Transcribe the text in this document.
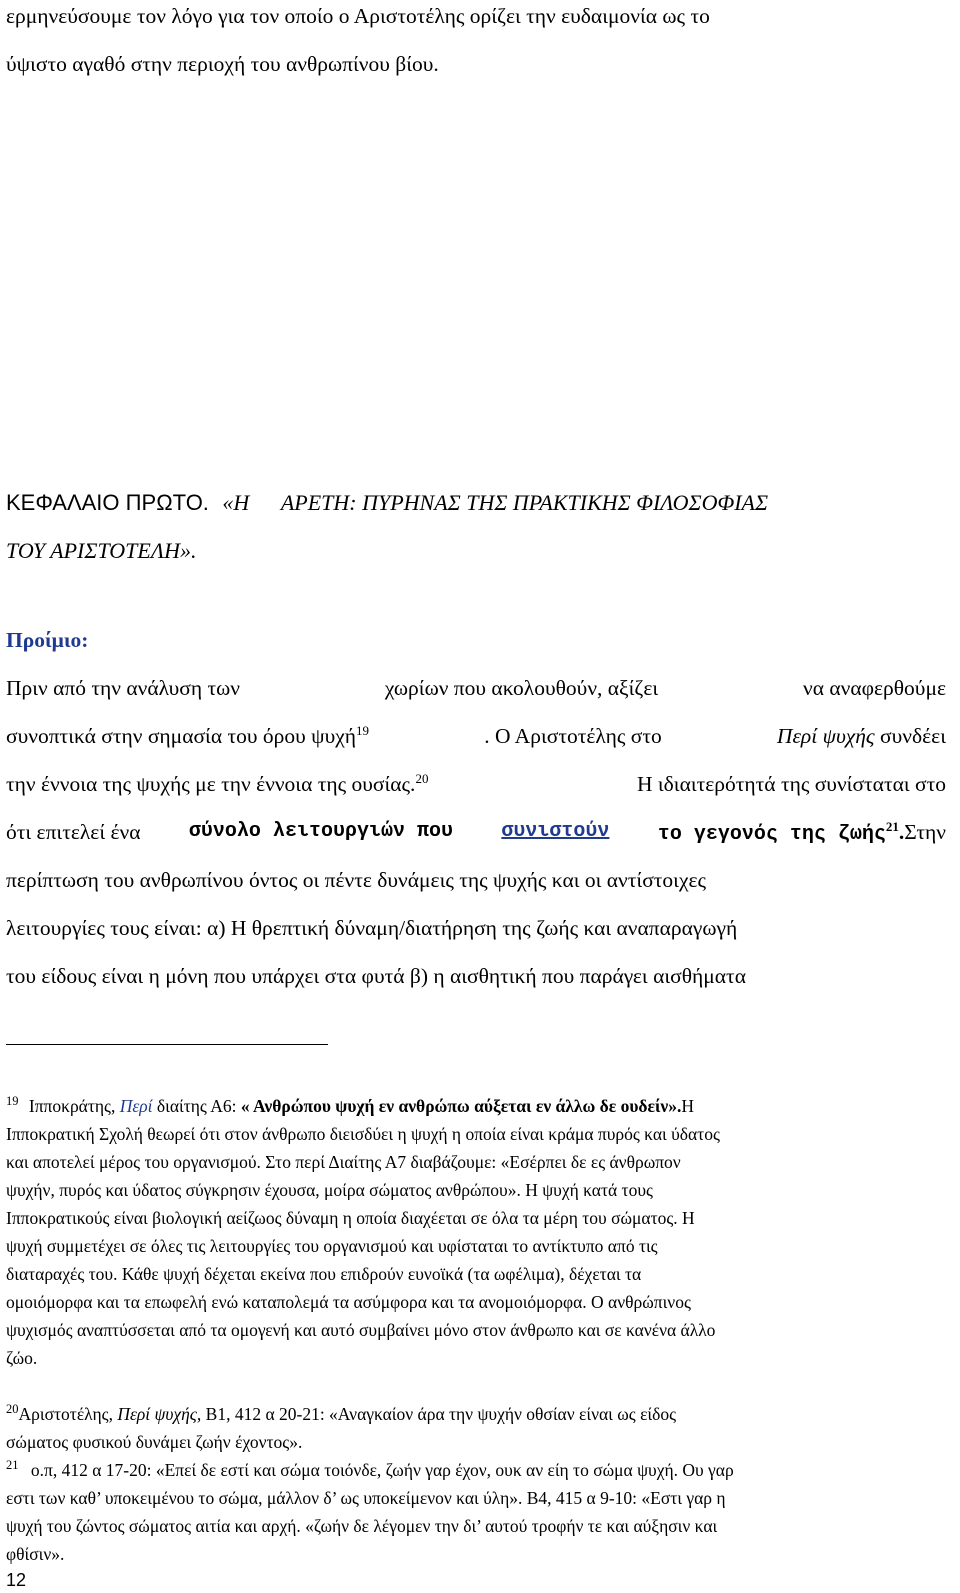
ερμηνεύσουμε τον λόγο για τον οποίο ο Αριστοτέλης ορίζει την ευδαιμονία ως το
ύψιστο αγαθό στην περιοχή του ανθρωπίνου βίου.
ΚΕΦΑΛΑΙΟ ΠΡΩΤΟ. «Η ΑΡΕΤΗ: ΠΥΡΗΝΑΣ ΤΗΣ ΠΡΑΚΤΙΚΗΣ ΦΙΛΟΣΟΦΙΑΣ
ΤΟΥ ΑΡΙΣΤΟΤΕΛΗ».
Προίμιο:
Πριν από την ανάλυση των	χωρίων που ακολουθούν, αξίζει	να αναφερθούμε
συνοπτικά στην σημασία του όρου ψυχή$^{19}$	. Ο Αριστοτέλης στο	Περί ψυχής συνδέει
την έννοια της ψυχής με την έννοια της ουσίας.$^{20}$	Η ιδιαιτερότητά της συνίσταται στο
ότι επιτελεί ένα σύνολο λειτουργιών που συνιστούν το γεγονός της ζωής$^{21}$.Στην
περίπτωση του ανθρωπίνου όντος οι πέντε δυνάμεις της ψυχής και οι αντίστοιχες
λειτουργίες τους είναι: α) Η θρεπτική δύναμη/διατήρηση της ζωής και αναπαραγωγή
του είδους είναι η μόνη που υπάρχει στα φυτά β) η αισθητική που παράγει αισθήματα
$^{19}$ Ιπποκράτης, Περί διαίτης Α6: « Ανθρώπου ψυχή εν ανθρώπω αύξεται εν άλλω δε ουδείν».Η
Ιπποκρατική Σχολή θεωρεί ότι στον άνθρωπο διεισδύει η ψυχή η οποία είναι κράμα πυρός και ύδατος
και αποτελεί μέρος του οργανισμού. Στο περί Διαίτης Α7 διαβάζουμε: «Εσέρπει δε ες άνθρωπον
ψυχήν, πυρός και ύδατος σύγκρησιν έχουσα, μοίρα σώματος ανθρώπου». Η ψυχή κατά τους
Ιπποκρατικούς είναι βιολογική αείζωος δύναμη η οποία διαχέεται σε όλα τα μέρη του σώματος. Η
ψυχή συμμετέχει σε όλες τις λειτουργίες του οργανισμού και υφίσταται το αντίκτυπο από τις
διαταραχές του. Κάθε ψυχή δέχεται εκείνα που επιδρούν ευνοϊκά (τα ωφέλιμα), δέχεται τα
ομοιόμορφα και τα επωφελή ενώ καταπολεμά τα ασύμφορα και τα ανομοιόμορφα. Ο ανθρώπινος
ψυχισμός αναπτύσσεται από τα ομογενή και αυτό συμβαίνει μόνο στον άνθρωπο και σε κανένα άλλο
ζώο.
$^{20}$Αριστοτέλης, Περί ψυχής, Β1, 412 α 20-21: «Αναγκαίον άρα την ψυχήν οθσίαν είναι ως είδος
σώματος φυσικού δυνάμει ζωήν έχοντος».
$^{21}$ ο.π, 412 α 17-20: «Επεί δε εστί και σώμα τοιόνδε, ζωήν γαρ έχον, ουκ αν είη το σώμα ψυχή. Ου γαρ
εστι των καθ’ υποκειμένου το σώμα, μάλλον δ’ ως υποκείμενον και ύλη». Β4, 415 α 9-10: «Εστι γαρ η
ψυχή του ζώντος σώματος αιτία και αρχή. «ζωήν δε λέγομεν την δι’ αυτού τροφήν τε και αύξησιν και
φθίσιν».
12
